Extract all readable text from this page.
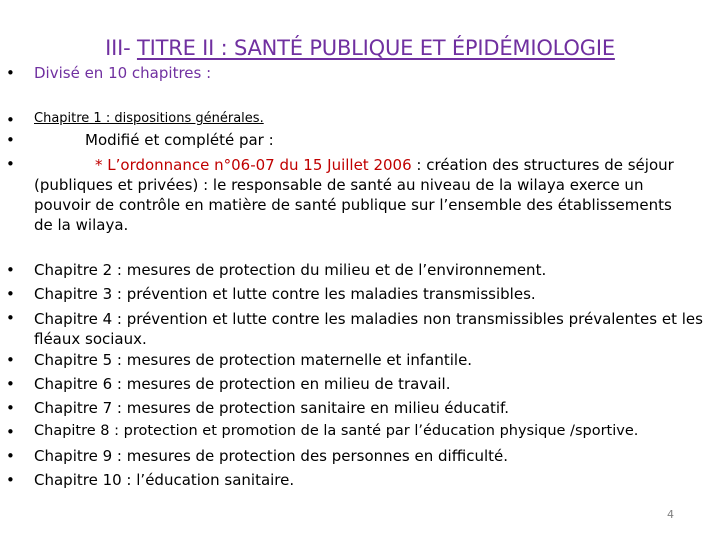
III- TITRE II : SANTÉ PUBLIQUE ET ÉPIDÉMIOLOGIE
•	Divisé en 10 chapitres :
•	Chapitre 1 : dispositions générales.
•	Modifié et complété par :
•	* L’ordonnance n°06-07 du 15 Juillet 2006 : création des structures de séjour (publiques et privées) : le responsable de santé au niveau de la wilaya exerce un pouvoir de contrôle en matière de santé publique sur l’ensemble des établissements de la wilaya.
•	Chapitre 2 : mesures de protection du milieu et de l’environnement.
•	Chapitre 3 : prévention et lutte contre les maladies transmissibles.
•	Chapitre 4 : prévention et lutte contre les maladies non transmissibles prévalentes et les fléaux sociaux.
•	Chapitre 5 : mesures de protection maternelle et infantile.
•	Chapitre 6 : mesures de protection en milieu de travail.
•	Chapitre 7 : mesures de protection sanitaire en milieu éducatif.
•	Chapitre 8 : protection et promotion de la santé par l’éducation physique /sportive.
•	Chapitre 9 : mesures de protection des personnes en difficulté.
•	Chapitre 10 : l’éducation sanitaire.
4
